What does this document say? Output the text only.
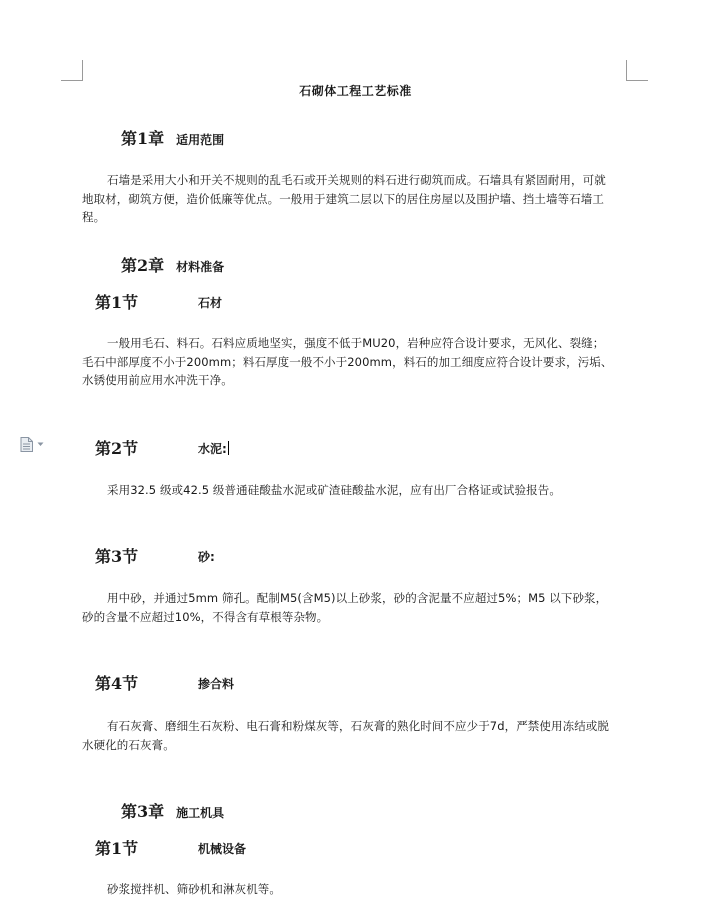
石砌体工程工艺标准
第1章 适用范围
石墙是采用大小和开关不规则的乱毛石或开关规则的料石进行砌筑而成。石墙具有紧固耐用，可就地取材，砌筑方便，造价低廉等优点。一般用于建筑二层以下的居住房屋以及围护墙、挡土墙等石墙工程。
第2章 材料准备
第1节	石材
一般用毛石、料石。石料应质地坚实，强度不低于MU20，岩种应符合设计要求，无风化、裂缝；毛石中部厚度不小于200mm；料石厚度一般不小于200mm，料石的加工细度应符合设计要求，污垢、水锈使用前应用水冲洗干净。
第2节	水泥:
采用32.5 级或42.5 级普通硅酸盐水泥或矿渣硅酸盐水泥，应有出厂合格证或试验报告。
第3节	砂:
用中砂，并通过5mm 筛孔。配制M5(含M5)以上砂浆，砂的含泥量不应超过5%；M5 以下砂浆，砂的含量不应超过10%，不得含有草根等杂物。
第4节	掺合料
有石灰膏、磨细生石灰粉、电石膏和粉煤灰等，石灰膏的熟化时间不应少于7d，严禁使用冻结或脱水硬化的石灰膏。
第3章 施工机具
第1节	机械设备
砂浆搅拌机、筛砂机和淋灰机等。
